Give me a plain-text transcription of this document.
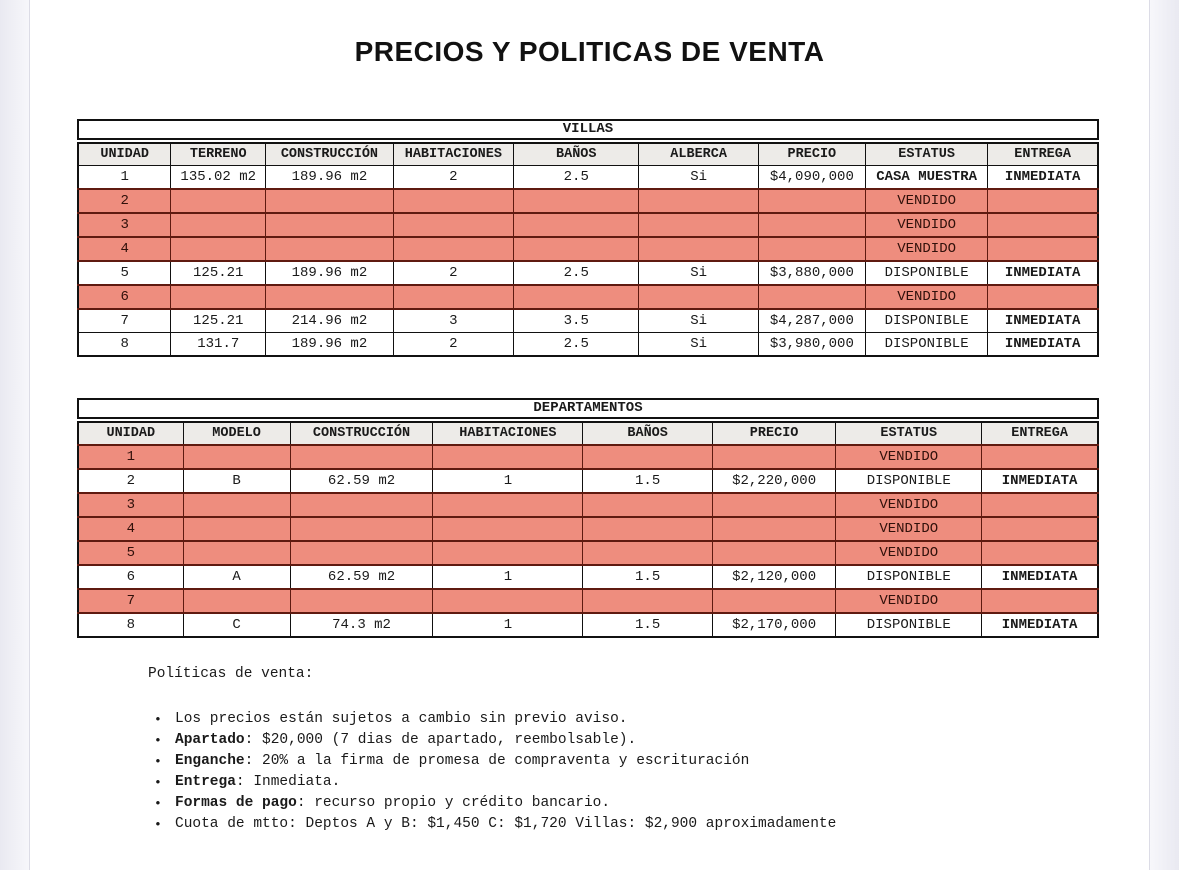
PRECIOS Y POLITICAS DE VENTA
VILLAS
UNIDAD	TERRENO	CONSTRUCCIÓN	HABITACIONES	BAÑOS	ALBERCA	PRECIO	ESTATUS	ENTREGA
1	135.02 m2	189.96 m2	2	2.5	Si	$4,090,000	CASA MUESTRA	INMEDIATA
2							VENDIDO	
3							VENDIDO	
4							VENDIDO	
5	125.21	189.96 m2	2	2.5	Si	$3,880,000	DISPONIBLE	INMEDIATA
6							VENDIDO	
7	125.21	214.96 m2	3	3.5	Si	$4,287,000	DISPONIBLE	INMEDIATA
8	131.7	189.96 m2	2	2.5	Si	$3,980,000	DISPONIBLE	INMEDIATA
DEPARTAMENTOS
UNIDAD	MODELO	CONSTRUCCIÓN	HABITACIONES	BAÑOS	PRECIO	ESTATUS	ENTREGA
1						VENDIDO	
2	B	62.59 m2	1	1.5	$2,220,000	DISPONIBLE	INMEDIATA
3						VENDIDO	
4						VENDIDO	
5						VENDIDO	
6	A	62.59 m2	1	1.5	$2,120,000	DISPONIBLE	INMEDIATA
7						VENDIDO	
8	C	74.3 m2	1	1.5	$2,170,000	DISPONIBLE	INMEDIATA
Políticas de venta:
• Los precios están sujetos a cambio sin previo aviso.
• Apartado: $20,000 (7 dias de apartado, reembolsable).
• Enganche: 20% a la firma de promesa de compraventa y escrituración
• Entrega: Inmediata.
• Formas de pago: recurso propio y crédito bancario.
• Cuota de mtto: Deptos A y B: $1,450 C: $1,720 Villas: $2,900 aproximadamente
